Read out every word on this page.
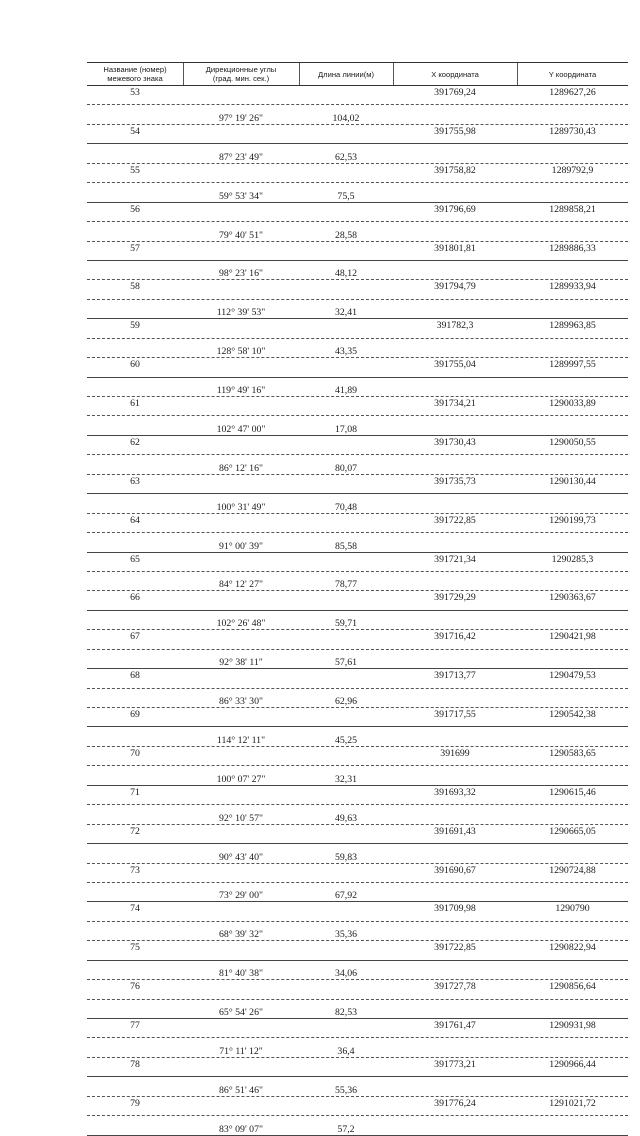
Название (номер)
межевого знака
Дирекционные углы
(град. мин. сек.)	Длина линии(м)	X координата	Y координата
53	391769,24	1289627,26
97° 19' 26"	104,02
54	391755,98	1289730,43
87° 23' 49"	62,53
55	391758,82	1289792,9
59° 53' 34"	75,5
56	391796,69	1289858,21
79° 40' 51"	28,58
57	391801,81	1289886,33
98° 23' 16"	48,12
58	391794,79	1289933,94
112° 39' 53"	32,41
59	391782,3	1289963,85
128° 58' 10"	43,35
60	391755,04	1289997,55
119° 49' 16"	41,89
61	391734,21	1290033,89
102° 47' 00"	17,08
62	391730,43	1290050,55
86° 12' 16"	80,07
63	391735,73	1290130,44
100° 31' 49"	70,48
64	391722,85	1290199,73
91° 00' 39"	85,58
65	391721,34	1290285,3
84° 12' 27"	78,77
66	391729,29	1290363,67
102° 26' 48"	59,71
67	391716,42	1290421,98
92° 38' 11"	57,61
68	391713,77	1290479,53
86° 33' 30"	62,96
69	391717,55	1290542,38
114° 12' 11"	45,25
70	391699	1290583,65
100° 07' 27"	32,31
71	391693,32	1290615,46
92° 10' 57"	49,63
72	391691,43	1290665,05
90° 43' 40"	59,83
73	391690,67	1290724,88
73° 29' 00"	67,92
74	391709,98	1290790
68° 39' 32"	35,36
75	391722,85	1290822,94
81° 40' 38"	34,06
76	391727,78	1290856,64
65° 54' 26"	82,53
77	391761,47	1290931,98
71° 11' 12"	36,4
78	391773,21	1290966,44
86° 51' 46"	55,36
79	391776,24	1291021,72
83° 09' 07"	57,2
